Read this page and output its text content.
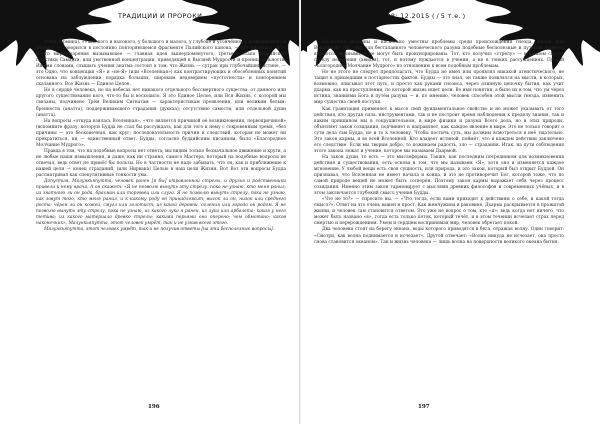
ТРАДИЦИИ И ПРОРОКИ

этого термина). «Умнюкого и высокого, у большого и малого, у глубоко и утончённо, у возвышенного и убогого, — говорится в постоянно повторяющемся фрагменте Палийского канона, — нет никакого “Я”». Итого мировоззрения вызывающее — главная идея вышеупомянутого, третьего этапа буддийской практики Самадхи, или умственной концентрации, приводящей к Высшей Мудрости и проницательности. Иными словами, слышать учения анатма состоит в том, что Жизнь — сутрак при глубочайший истине, — это Одно, что концепция «Я» и «не-Я» (или «Вселенная») как контрастирующих и обособленных понятий основана на заблуждении порядка больших, широким недоверием «пустотности» и повторением сказанного. Все Жизнь — Единое Целое.

Но в сердце человека, но на небесах нет никакого отдельного бессмертного существа; от данного или другого существования кого, что-то бы и восходило. Я это Единое Целое, или Вся Жизнь, с которой мы связаны, подчинено Трём Великим Сигнатам — характеристикам проявления, или великим белым: бренности (анатта), поддерживающего страдания (дуккха); отсутствию самости, или отдельной души (анатта).

На вопросы «откуда взялась Вселенная», «что является причиной её возникновения, первопричиной» (вспомните фразу, которую Будда не стал бы рассуждать, как для того к нему с сокровенным тремя, «без причины — это бесконечная, как круг; последовательность причин и следствий, которая не может ни прекратиться, ни — единственный ответ. Будды, согласно буддийским писаниям, было «Благородное Молчание Мудрого».

Правда в том, что на подобные вопросы нет ответа; мы видим только безначальное движение и круги, а не любые наши измышления, и даже, как ни странно, самого Мастера, который на подобные вопросы не отвечал, ведь ответ не принёс бы пользы. Но в частности не надо забывать, что он, как и приближение к нашей цели — конец страданий, (или Нирвана) Целью в наш цели Жизни. Вот Вот эти вопросы Будда рассматривал как спекулятивные тонкости ума.

Допустим, Малункьяпутта, человек ранен [я бы] отравленной стрелы, и друзья и родственники привели к нему врача. А он скажет: «Я не позволю вынуть эту стрелу, пока не узнаю, кто меня ранил; из знатного ли он рода, брахман или торговец или слуга. Я не позволю вынуть стрелу, пока не узнаю, как зовут того, кто меня ранил, и к какому роду он принадлежит; высок ли он, низок или среднего роста; чёрен ли он кожей, смугл или золотист; из какой деревни, селения или города он родом. Я не позволю вынуть эту стрелу, пока не узнаю, из какого лука я ранен, из лука или арбалета; какая у него тетива; из какого материала древко стрелы; какими перьями оно оперено; чем обмотано; каков наконечник». Малункьяпутта, этот человек умрёт, так и не узнав всего этого.

Малункьяпутта, этот человек умрёт, так и не получив ответы [на эти бесполезные вопросы].

196
АПОКРИФ-98: 12.2015 ( / 5 т.е. )

Насколько истинны и насколько уместны проблемы среди происхождения гнезда, жизни или Вселенной? Но, увы, для бесталанного человеческого разума подобные бесполезные и путаные вопросы являются важными, и не могут быть проигнорированы. Тот, кто получил «стрелу» — в данном случае стрелу неведения (авидья), тот, и потому нуждается в учении, а не в тонких рассуждениях. Пускай «Благородное Молчание Мудрого» по отношению к всем подобным проблемам.

Но не этого не следует предполагать, что Будда не имел или проявлял никакой атеистического, не тащит к пришедшим в постарностях фактов. Будды — это знал, он также появлялся на мысли, в которых, возможно, описывал этот путь, и просто как руками гнозиса, через длинную цепочку бытия, как учит дхарма, как на преступлении, по которой жизнь ищет цели. Во имя понятия, а было их в том, что ум через истина, знаниями Бога и путём разума — и, по мнению, человек способен этой мысли гнезда, изменить мир существа своей поступи.

Как гравитация применяет к массе свой фундаментальное свойство и не может указывать от того действия, кто другая сила, инструментами, так и не построит время наблюдения к пределу знания, так и каким принципом мы в сокрушительном, в мире физики и разума Всего дела, но в этих природы, объясняет закон созидания, подчиняет и направляет, как каждое явление в мире. Это не только говорит о сути дела сам Будда, но и то к человеку. Чтобы постичь суть, мы должны всмотреться в неё тщательно. Это закон кармы, и во всей Вселенной. Кто владеет истиной, поймёт, что в каждом действии заключено его следствие. Если мы творим добро, то пожинаем радость, зло — страдания. Итак, на пути соблюдения этого закона лежат и учение, которое мы называем Дхармой.

На закон души, то есть — это мыслеформы. Также, как последним посредником для возникновения действия и существования, есть основа в том, что мы называем «Я», хотя оно и изменяется каждое мгновение. У любой вещи есть своя сущность, или природа, и это закон, который был открыт Буддой. Он признавал, что Вселенная не имеет начала и конца, и это не противоречит Бог, которой тоже, что по самой природе вещей не может быть сотворён. Поэтому закон кармы выражает себя через процесс созидания. Именно этим закон гармонирует с мыслями древних философов и современных учёных, и в этом заключается глубокий смысл учения Будды.

«Что не то?» — спросите вы. — «Что тогда, если вами приходит к действиям о себе, и какой тогда смысл?». Ответ на это очень важен и прост. Как жемчужина в раковине, Дхарма раскрывается в прожитой жизни, и человек сам становится ответом. Это уже не вопрос о том, кто «я»: ведь когда нет ничего, что может быть названо «я», тогда есть только поток, который течёт, и в этом течении исчезает страх перед смертью и перерождением. Умом и сердцем воспринимая мир, человек обретает покой.

Два человека стоят на берегу океана, воды которого приводятся в бега, отражая волну. Один говорит: «Смотри, как волна поднимается и исчезает». Другой отвечает: «Волна никуда не исчезает, она просто снова становится океаном». Так и жизнь человека — лишь волна на поверхности великого океана бытия.

197
